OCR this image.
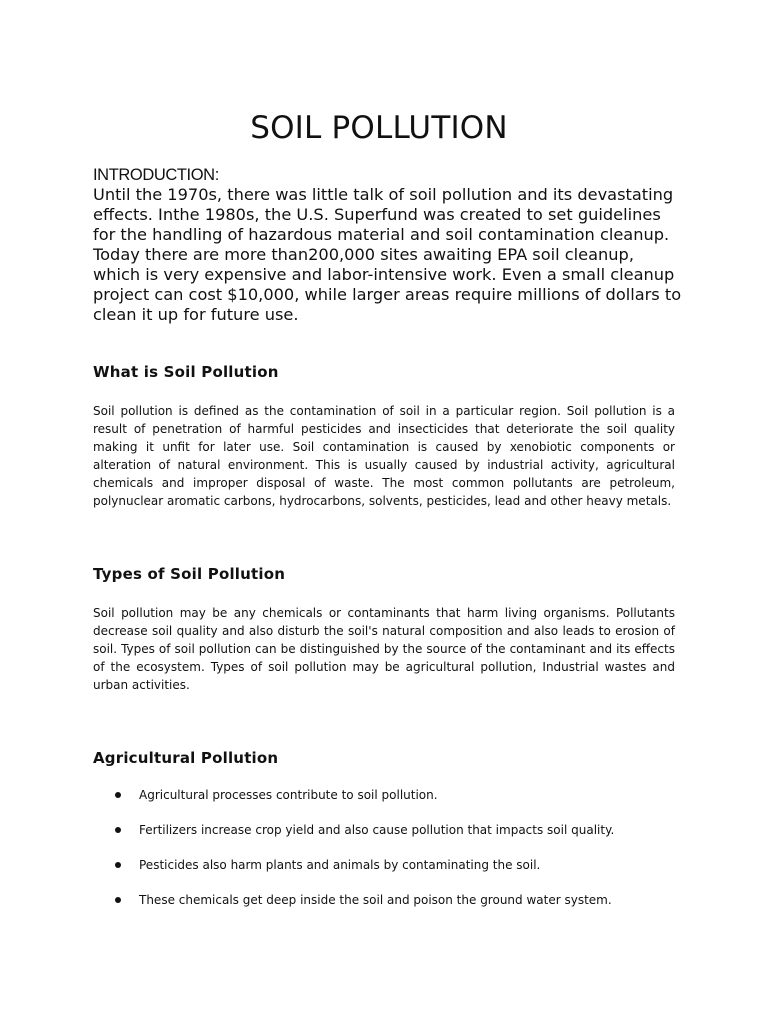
SOIL POLLUTION

INTRODUCTION:

Until the 1970s, there was little talk of soil pollution and its devastating effects. Inthe 1980s, the U.S. Superfund was created to set guidelines for the handling of hazardous material and soil contamination cleanup. Today there are more than200,000 sites awaiting EPA soil cleanup, which is very expensive and labor-intensive work. Even a small cleanup project can cost $10,000, while larger areas require millions of dollars to clean it up for future use.

What is Soil Pollution

Soil pollution is defined as the contamination of soil in a particular region. Soil pollution is a result of penetration of harmful pesticides and insecticides that deteriorate the soil quality making it unfit for later use. Soil contamination is caused by xenobiotic components or alteration of natural environment. This is usually caused by industrial activity, agricultural chemicals and improper disposal of waste. The most common pollutants are petroleum, polynuclear aromatic carbons, hydrocarbons, solvents, pesticides, lead and other heavy metals.

Types of Soil Pollution

Soil pollution may be any chemicals or contaminants that harm living organisms. Pollutants decrease soil quality and also disturb the soil's natural composition and also leads to erosion of soil. Types of soil pollution can be distinguished by the source of the contaminant and its effects of the ecosystem. Types of soil pollution may be agricultural pollution, Industrial wastes and urban activities.

Agricultural Pollution
Agricultural processes contribute to soil pollution.
Fertilizers increase crop yield and also cause pollution that impacts soil quality.
Pesticides also harm plants and animals by contaminating the soil.
These chemicals get deep inside the soil and poison the ground water system.
